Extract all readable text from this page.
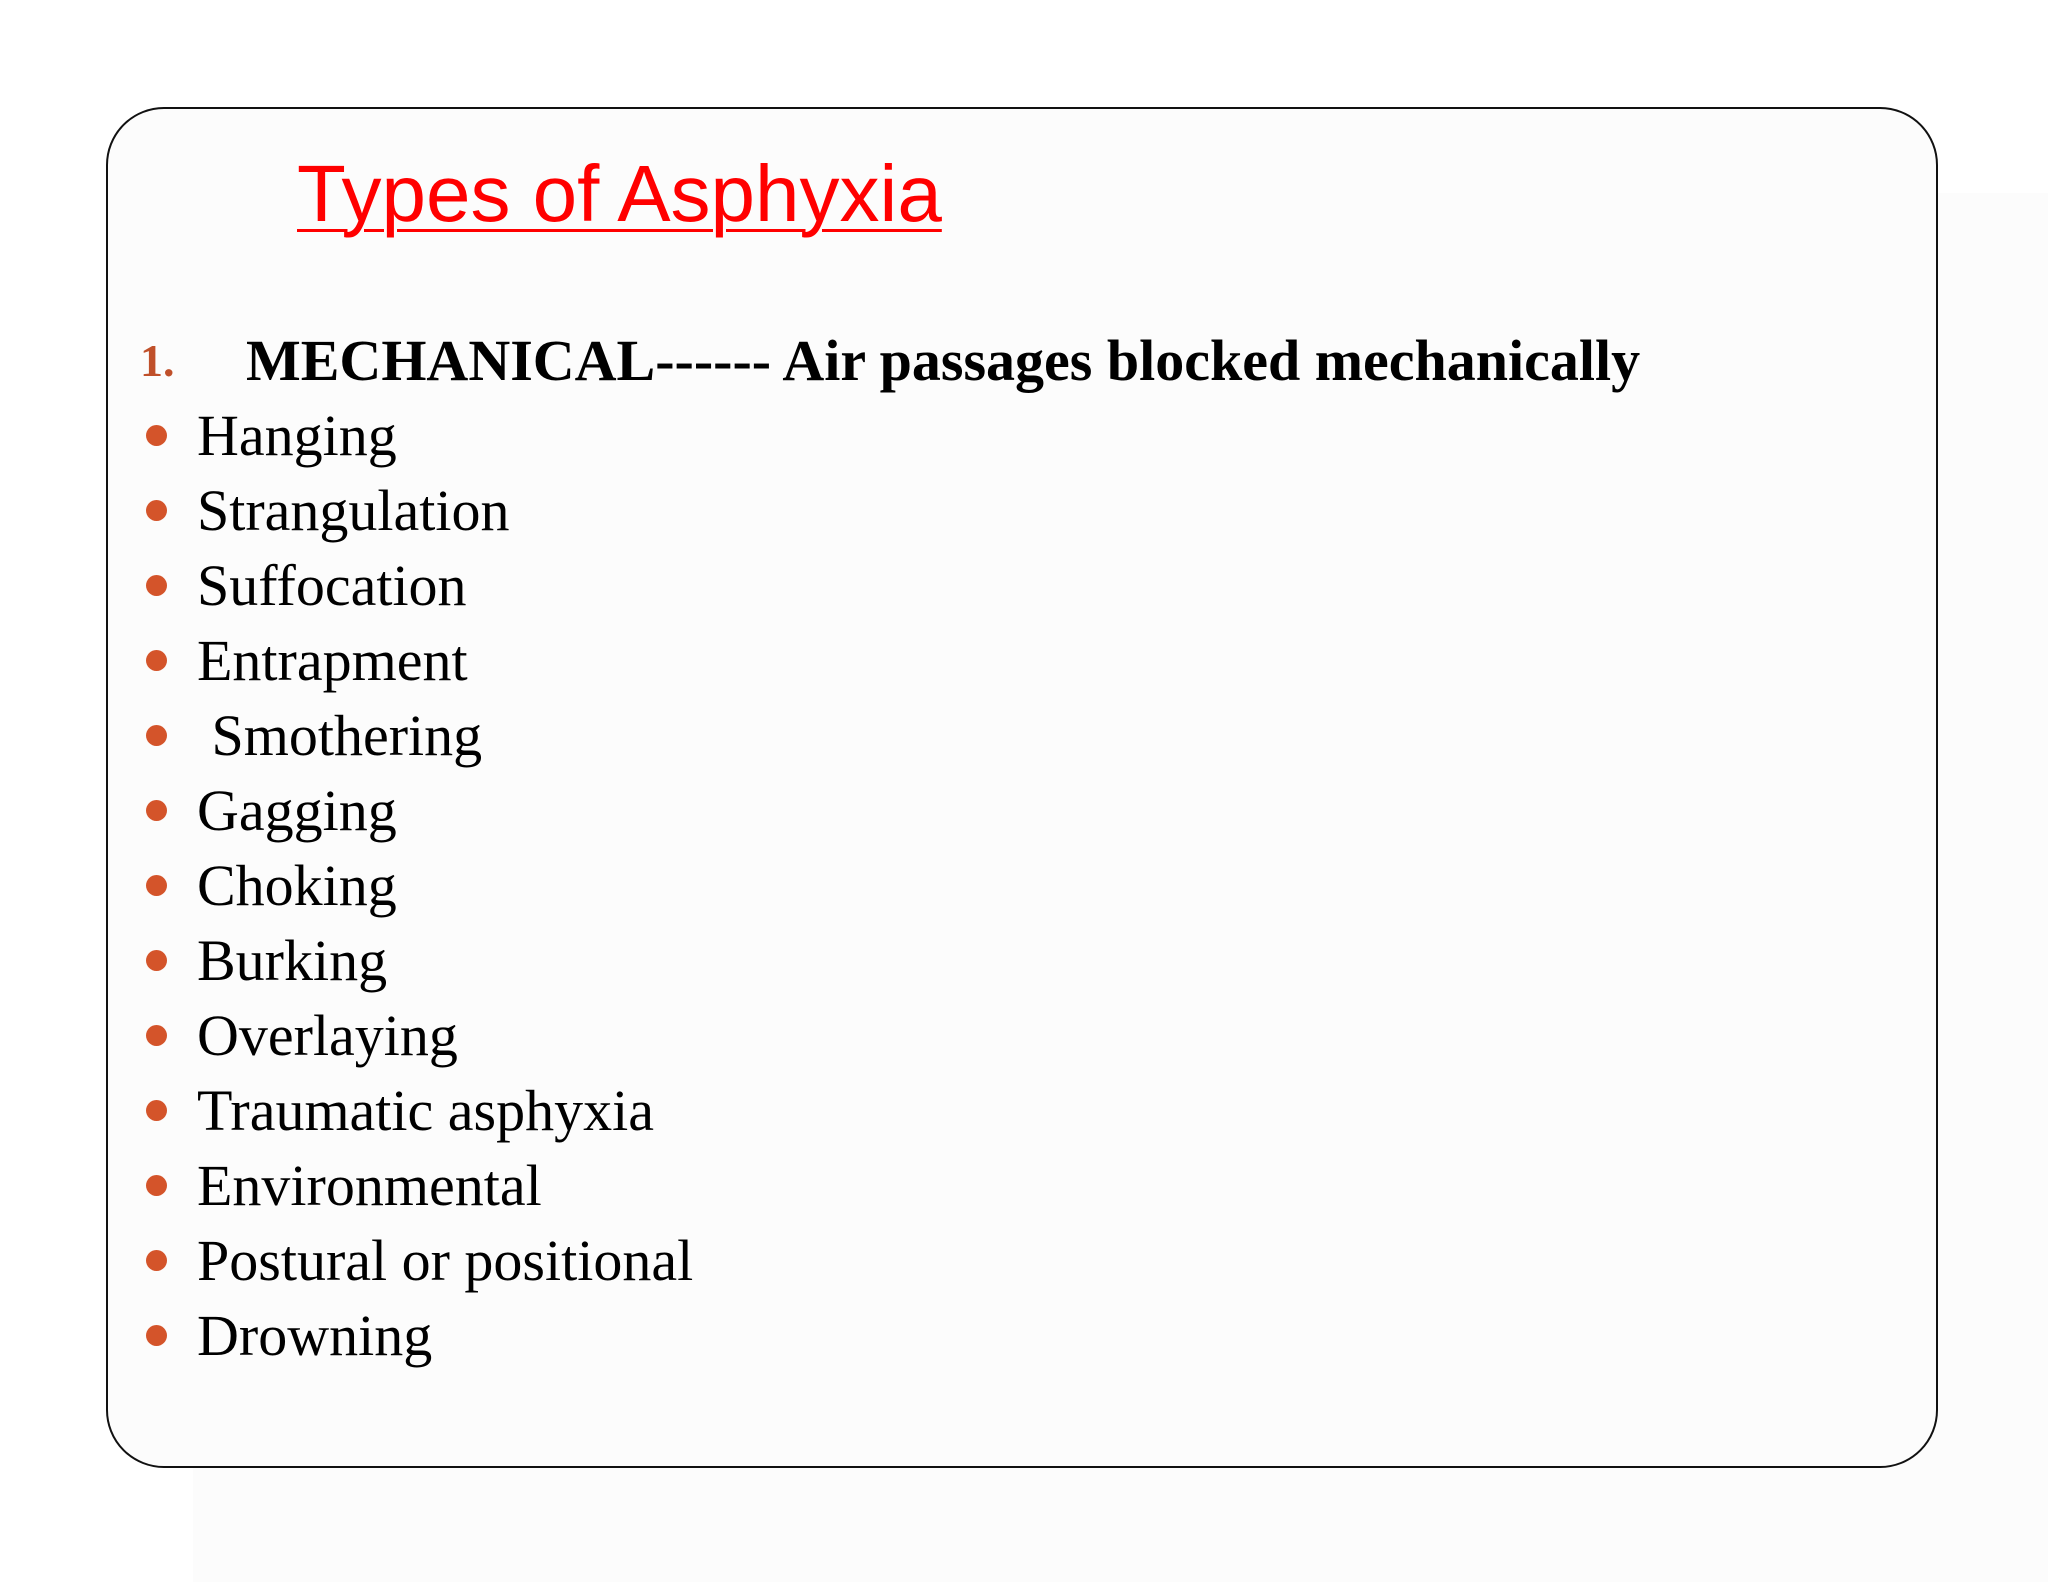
Types of Asphyxia
1.	MECHANICAL------ Air passages blocked mechanically
Hanging
Strangulation
Suffocation
Entrapment
Smothering
Gagging
Choking
Burking
Overlaying
Traumatic asphyxia
Environmental
Postural or positional
Drowning
